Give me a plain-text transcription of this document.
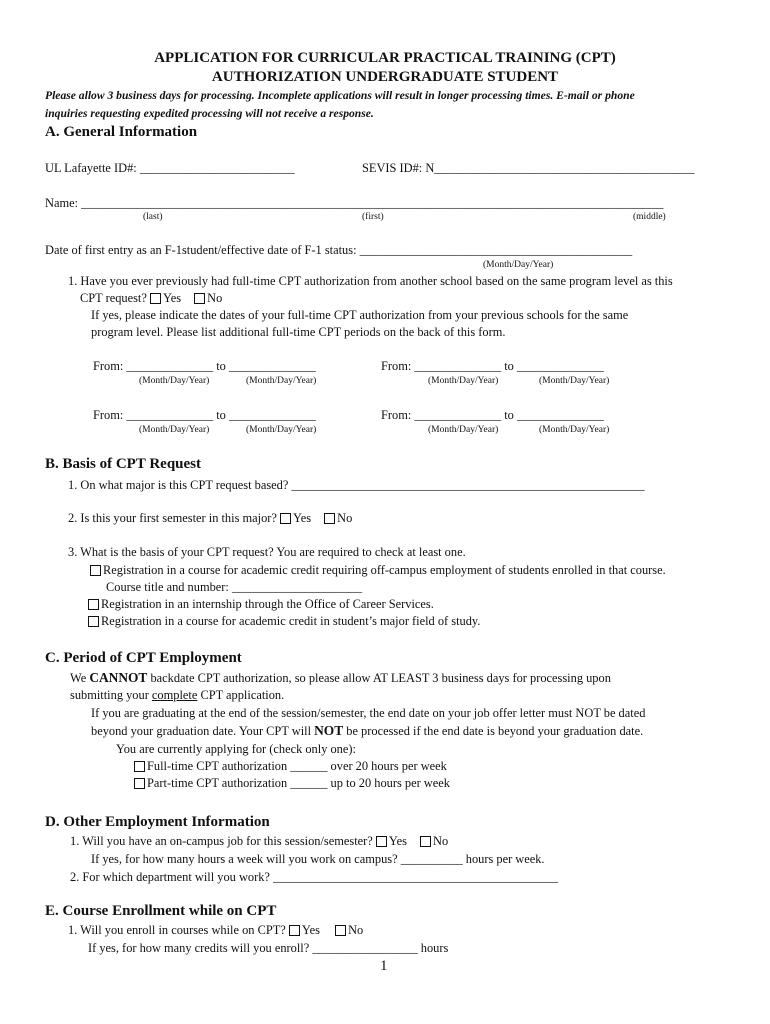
APPLICATION FOR CURRICULAR PRACTICAL TRAINING (CPT)
AUTHORIZATION UNDERGRADUATE STUDENT
Please allow 3 business days for processing. Incomplete applications will result in longer processing times. E-mail or phone
inquiries requesting expedited processing will not receive a response.
A. General Information
UL Lafayette ID#: _________________________	SEVIS ID#: N__________________________________________
Name: ______________________________________________________________________________________________
(last)	(first)	(middle)
Date of first entry as an F-1student/effective date of F-1 status: ____________________________________________
(Month/Day/Year)
1. Have you ever previously had full-time CPT authorization from another school based on the same program level as this
CPT request? Yes No
If yes, please indicate the dates of your full-time CPT authorization from your previous schools for the same
program level. Please list additional full-time CPT periods on the back of this form.
From: ______________ to ______________
(Month/Day/Year)	(Month/Day/Year)
From: ______________ to ______________
(Month/Day/Year)	(Month/Day/Year)
From: ______________ to ______________
(Month/Day/Year)	(Month/Day/Year)
From: ______________ to ______________
(Month/Day/Year)	(Month/Day/Year)
B. Basis of CPT Request
1. On what major is this CPT request based? _________________________________________________________
2. Is this your first semester in this major? Yes No
3. What is the basis of your CPT request? You are required to check at least one.
Registration in a course for academic credit requiring off-campus employment of students enrolled in that course.
Course title and number: _____________________
Registration in an internship through the Office of Career Services.
Registration in a course for academic credit in student’s major field of study.
C. Period of CPT Employment
We CANNOT backdate CPT authorization, so please allow AT LEAST 3 business days for processing upon
submitting your complete CPT application.
If you are graduating at the end of the session/semester, the end date on your job offer letter must NOT be dated
beyond your graduation date. Your CPT will NOT be processed if the end date is beyond your graduation date.
You are currently applying for (check only one):
Full-time CPT authorization ______ over 20 hours per week
Part-time CPT authorization ______ up to 20 hours per week
D. Other Employment Information
1. Will you have an on-campus job for this session/semester? Yes No
If yes, for how many hours a week will you work on campus? __________ hours per week.
2. For which department will you work? ______________________________________________
E. Course Enrollment while on CPT
1. Will you enroll in courses while on CPT? Yes No
If yes, for how many credits will you enroll? _________________ hours
1
